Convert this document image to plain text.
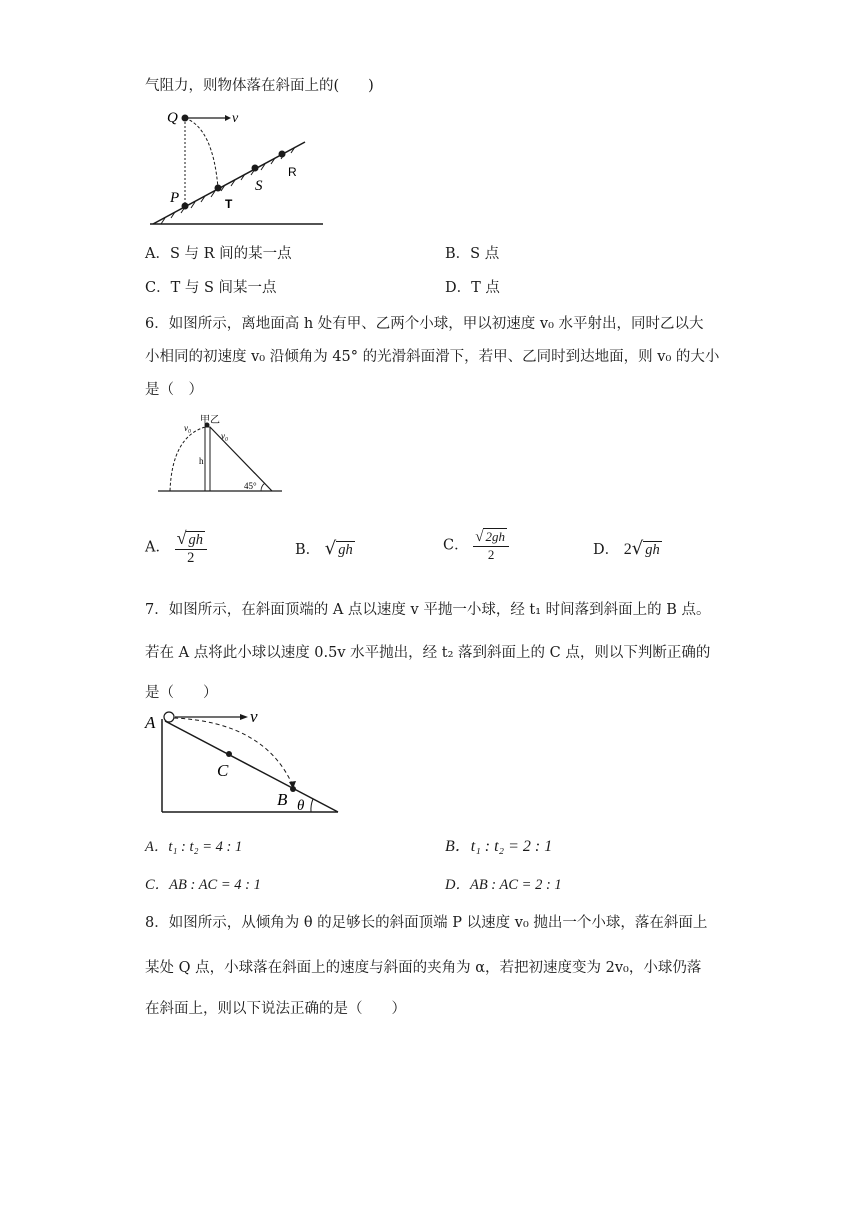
气阻力，则物体落在斜面上的(　　)
Q	v
P	T
S
R
A．S 与 R 间的某一点	B．S 点
C．T 与 S 间某一点	D．T 点
6．如图所示，离地面高 h 处有甲、乙两个小球，甲以初速度 v₀ 水平射出，同时乙以大
小相同的初速度 v₀ 沿倾角为 45° 的光滑斜面滑下，若甲、乙同时到达地面，则 v₀ 的大小
是（　）
甲乙
v₀
v₀
h
45°
A． $\frac{√ gh}{2}$	B． √ gh	C． $\frac{√ 2gh}{2}$	D． 2√ gh
7．如图所示，在斜面顶端的 A 点以速度 v 平抛一小球，经 t₁ 时间落到斜面上的 B 点。
若在 A 点将此小球以速度 0.5v 水平抛出，经 t₂ 落到斜面上的 C 点，则以下判断正确的
是（　　）
A	v
C
B θ
A．t₁ : t₂ = 4 : 1	B．t₁ : t₂ = 2 : 1
C．AB : AC = 4 : 1	D．AB : AC = 2 : 1
8．如图所示，从倾角为 θ 的足够长的斜面顶端 P 以速度 v₀ 抛出一个小球，落在斜面上
某处 Q 点，小球落在斜面上的速度与斜面的夹角为 α，若把初速度变为 2v₀，小球仍落
在斜面上，则以下说法正确的是（　　）
